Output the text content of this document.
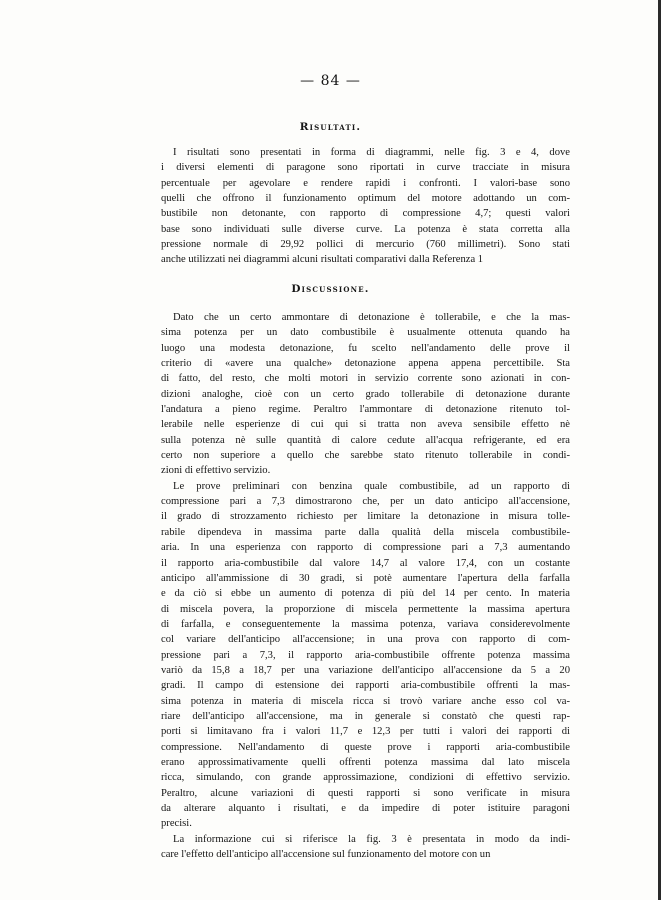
— 84 —
Risultati.
I risultati sono presentati in forma di diagrammi, nelle fig. 3 e 4, dove
i diversi elementi di paragone sono riportati in curve tracciate in misura
percentuale per agevolare e rendere rapidi i confronti. I valori-base sono
quelli che offrono il funzionamento optimum del motore adottando un com-
bustibile non detonante, con rapporto di compressione 4,7; questi valori
base sono individuati sulle diverse curve. La potenza è stata corretta alla
pressione normale di 29,92 pollici di mercurio (760 millimetri). Sono stati
anche utilizzati nei diagrammi alcuni risultati comparativi dalla Referenza 1
Discussione.
Dato che un certo ammontare di detonazione è tollerabile, e che la mas-
sima potenza per un dato combustibile è usualmente ottenuta quando ha
luogo una modesta detonazione, fu scelto nell'andamento delle prove il
criterio di «avere una qualche» detonazione appena appena percettibile. Sta
di fatto, del resto, che molti motori in servizio corrente sono azionati in con-
dizioni analoghe, cioè con un certo grado tollerabile di detonazione durante
l'andatura a pieno regime. Peraltro l'ammontare di detonazione ritenuto tol-
lerabile nelle esperienze di cui qui si tratta non aveva sensibile effetto nè
sulla potenza nè sulle quantità di calore cedute all'acqua refrigerante, ed era
certo non superiore a quello che sarebbe stato ritenuto tollerabile in condi-
zioni di effettivo servizio.
Le prove preliminari con benzina quale combustibile, ad un rapporto di
compressione pari a 7,3 dimostrarono che, per un dato anticipo all'accensione,
il grado di strozzamento richiesto per limitare la detonazione in misura tolle-
rabile dipendeva in massima parte dalla qualità della miscela combustibile-
aria. In una esperienza con rapporto di compressione pari a 7,3 aumentando
il rapporto aria-combustibile dal valore 14,7 al valore 17,4, con un costante
anticipo all'ammissione di 30 gradi, si potè aumentare l'apertura della farfalla
e da ciò si ebbe un aumento di potenza di più del 14 per cento. In materia
di miscela povera, la proporzione di miscela permettente la massima apertura
di farfalla, e conseguentemente la massima potenza, variava considerevolmente
col variare dell'anticipo all'accensione; in una prova con rapporto di com-
pressione pari a 7,3, il rapporto aria-combustibile offrente potenza massima
variò da 15,8 a 18,7 per una variazione dell'anticipo all'accensione da 5 a 20
gradi. Il campo di estensione dei rapporti aria-combustibile offrenti la mas-
sima potenza in materia di miscela ricca si trovò variare anche esso col va-
riare dell'anticipo all'accensione, ma in generale si constatò che questi rap-
porti si limitavano fra i valori 11,7 e 12,3 per tutti i valori dei rapporti di
compressione. Nell'andamento di queste prove i rapporti aria-combustibile
erano approssimativamente quelli offrenti potenza massima dal lato miscela
ricca, simulando, con grande approssimazione, condizioni di effettivo servizio.
Peraltro, alcune variazioni di questi rapporti si sono verificate in misura
da alterare alquanto i risultati, e da impedire di poter istituire paragoni
precisi.
La informazione cui si riferisce la fig. 3 è presentata in modo da indi-
care l'effetto dell'anticipo all'accensione sul funzionamento del motore con un
